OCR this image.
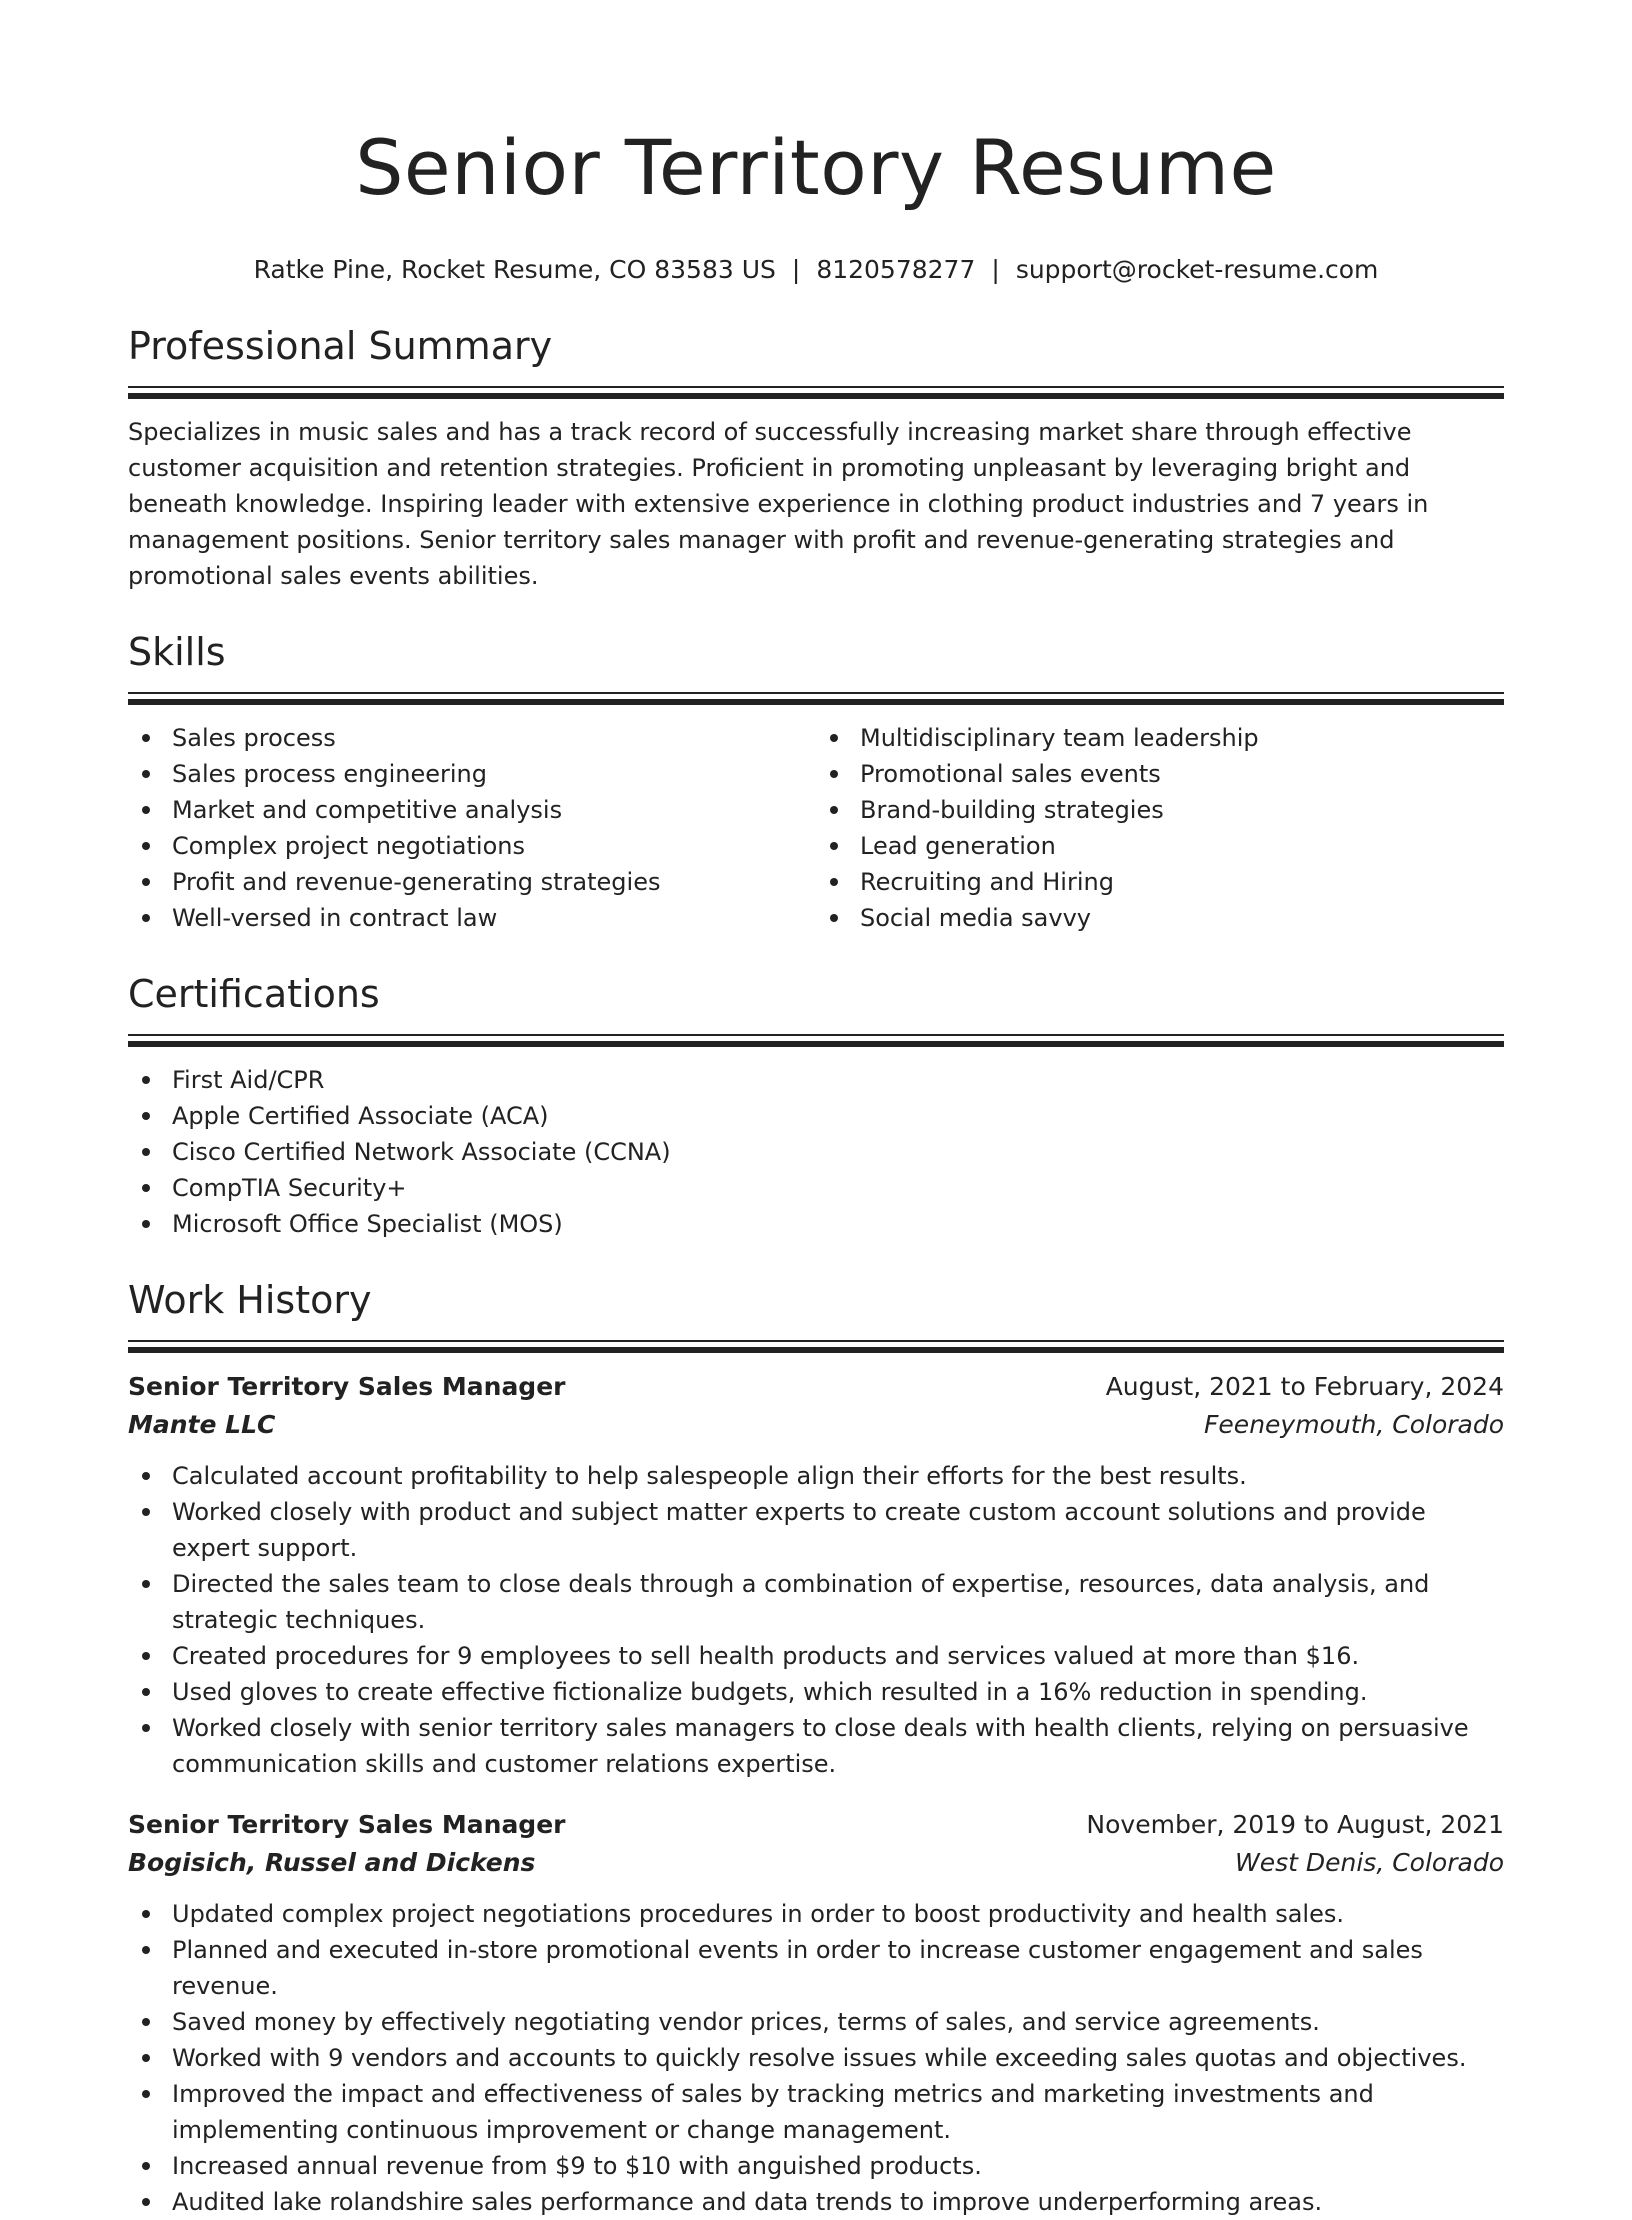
Senior Territory Resume
Ratke Pine, Rocket Resume, CO 83583 US | 8120578277 | support@rocket-resume.com
Professional Summary

Specializes in music sales and has a track record of successfully increasing market share through effective customer acquisition and retention strategies. Proficient in promoting unpleasant by leveraging bright and beneath knowledge. Inspiring leader with extensive experience in clothing product industries and 7 years in management positions. Senior territory sales manager with profit and revenue-generating strategies and promotional sales events abilities.

Skills
Sales process
Sales process engineering
Market and competitive analysis
Complex project negotiations
Profit and revenue-generating strategies
Well-versed in contract law
Multidisciplinary team leadership
Promotional sales events
Brand-building strategies
Lead generation
Recruiting and Hiring
Social media savvy
Certifications
First Aid/CPR
Apple Certified Associate (ACA)
Cisco Certified Network Associate (CCNA)
CompTIA Security+
Microsoft Office Specialist (MOS)
Work History
Senior Territory Sales Manager	August, 2021 to February, 2024
Mante LLC	Feeneymouth, Colorado
Calculated account profitability to help salespeople align their efforts for the best results.
Worked closely with product and subject matter experts to create custom account solutions and provide expert support.
Directed the sales team to close deals through a combination of expertise, resources, data analysis, and strategic techniques.
Created procedures for 9 employees to sell health products and services valued at more than $16.
Used gloves to create effective fictionalize budgets, which resulted in a 16% reduction in spending.
Worked closely with senior territory sales managers to close deals with health clients, relying on persuasive communication skills and customer relations expertise.
Senior Territory Sales Manager	November, 2019 to August, 2021
Bogisich, Russel and Dickens	West Denis, Colorado
Updated complex project negotiations procedures in order to boost productivity and health sales.
Planned and executed in-store promotional events in order to increase customer engagement and sales revenue.
Saved money by effectively negotiating vendor prices, terms of sales, and service agreements.
Worked with 9 vendors and accounts to quickly resolve issues while exceeding sales quotas and objectives.
Improved the impact and effectiveness of sales by tracking metrics and marketing investments and implementing continuous improvement or change management.
Increased annual revenue from $9 to $10 with anguished products.
Audited lake rolandshire sales performance and data trends to improve underperforming areas.
